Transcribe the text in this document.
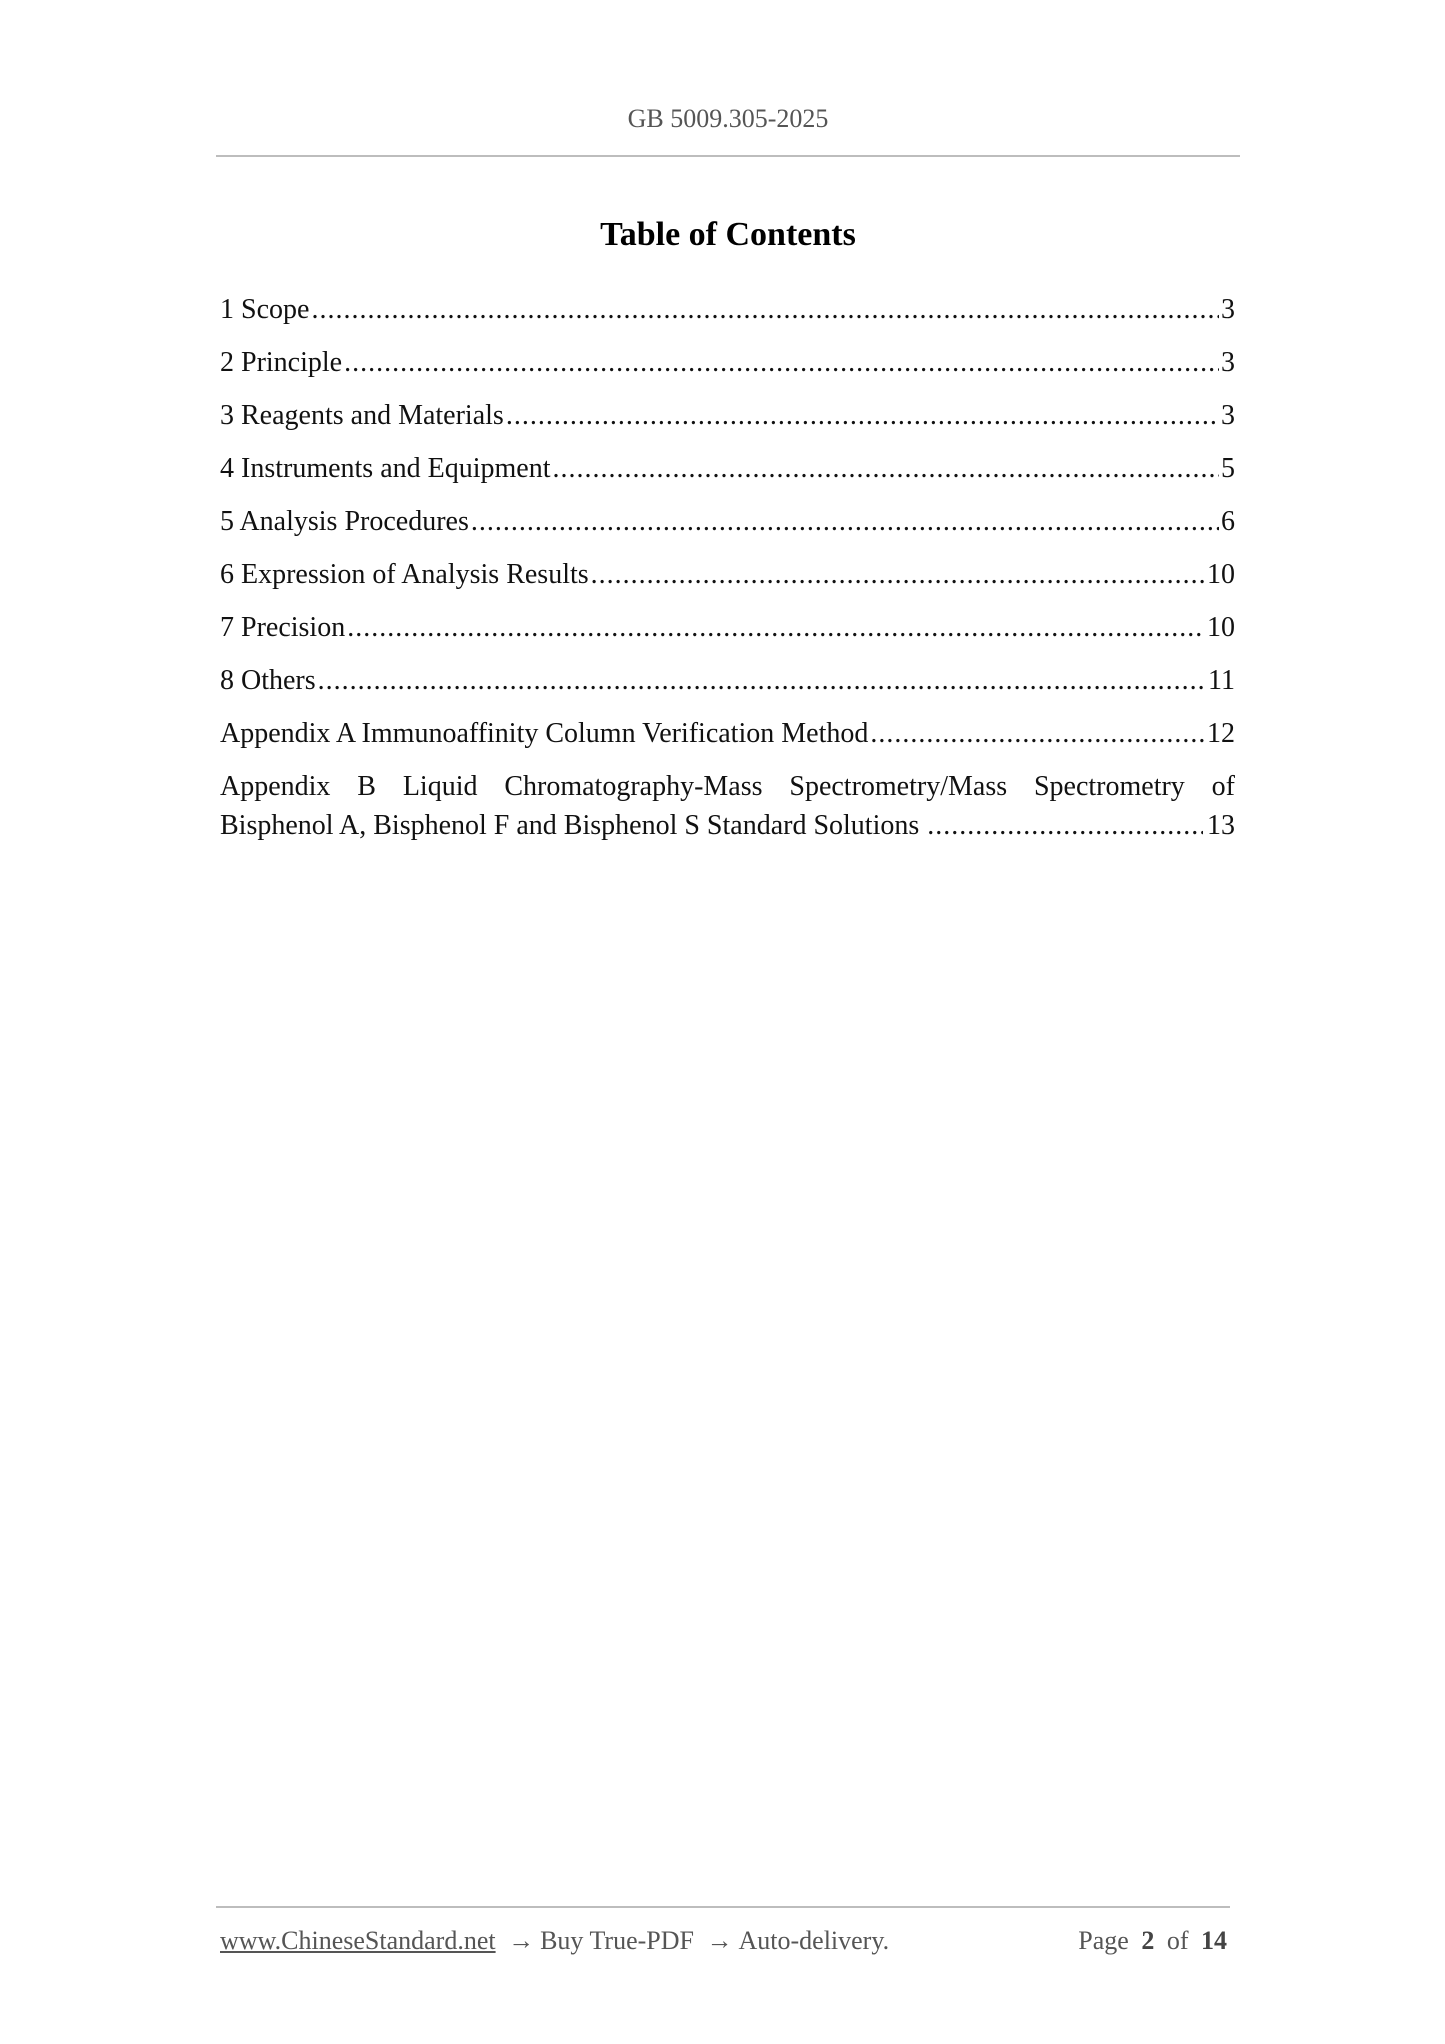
GB 5009.305-2025
Table of Contents
1 Scope .....	3
2 Principle .....	3
3 Reagents and Materials .....	3
4 Instruments and Equipment .....	5
5 Analysis Procedures .....	6
6 Expression of Analysis Results .....	10
7 Precision .....	10
8 Others .....	11
Appendix A Immunoaffinity Column Verification Method .....	12
Appendix B Liquid Chromatography-Mass Spectrometry/Mass Spectrometry of
Bisphenol A, Bisphenol F and Bisphenol S Standard Solutions .....	13
www.ChineseStandard.net → Buy True-PDF → Auto-delivery.	Page 2 of 14
